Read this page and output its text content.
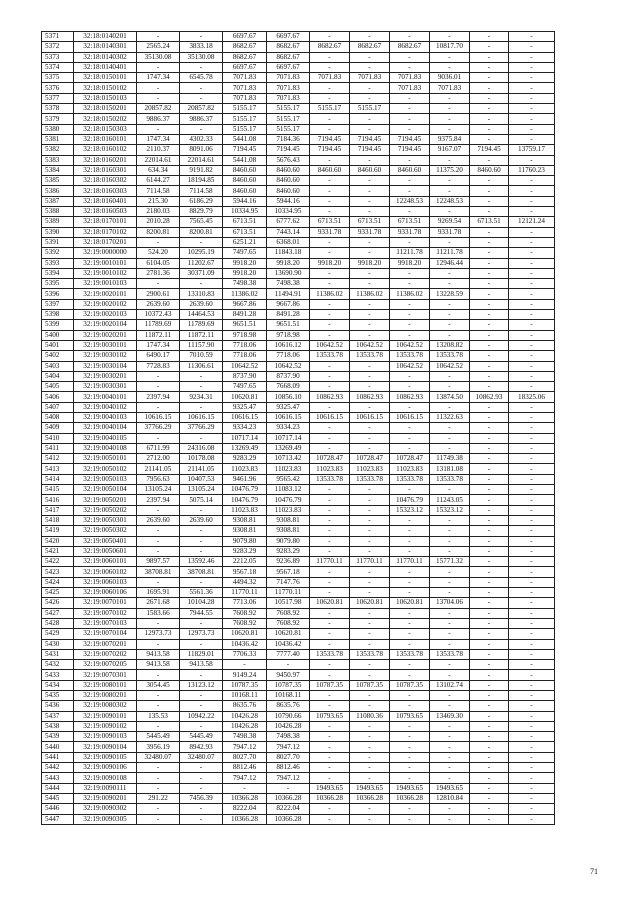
5371	32:18:0140201	-	-	6697.67	6697.67	-	-	-	-	-	-
5372	32:18:0140301	2565.24	3833.18	8682.67	8682.67	8682.67	8682.67	8682.67	10817.70	-	-
5373	32:18:0140302	35130.08	35130.08	8682.67	8682.67	-	-	-	-	-	-
5374	32:18:0140401	-	-	6697.67	6697.67	-	-	-	-	-	-
5375	32:18:0150101	1747.34	6545.78	7071.83	7071.83	7071.83	7071.83	7071.83	9036.01	-	-
5376	32:18:0150102	-	-	7071.83	7071.83	-	-	7071.83	7071.83	-	-
5377	32:18:0150103	-	-	7071.83	7071.83	-	-	-	-	-	-
5378	32:18:0150201	20857.82	20857.82	5155.17	5155.17	5155.17	5155.17	-	-	-	-
5379	32:18:0150202	9886.37	9886.37	5155.17	5155.17	-	-	-	-	-	-
5380	32:18:0150303	-	-	5155.17	5155.17	-	-	-	-	-	-
5381	32:18:0160101	1747.34	4302.33	5441.08	7184.36	7194.45	7194.45	7194.45	9375.84	-	-
5382	32:18:0160102	2110.37	8091.06	7194.45	7194.45	7194.45	7194.45	7194.45	9167.07	7194.45	13759.17
5383	32:18:0160201	22014.61	22014.61	5441.08	5676.43	-	-	-	-	-	-
5384	32:18:0160301	634.34	9191.82	8460.60	8460.60	8460.60	8460.60	8460.60	11375.20	8460.60	11760.23
5385	32:18:0160302	6144.27	18194.85	8460.60	8460.60	-	-	-	-	-	-
5386	32:18:0160303	7114.58	7114.58	8460.60	8460.60	-	-	-	-	-	-
5387	32:18:0160401	215.30	6186.29	5944.16	5944.16	-	-	12248.53	12248.53	-	-
5388	32:18:0160503	2180.03	8829.79	10334.95	10334.95	-	-	-	-	-	-
5389	32:18:0170101	2010.28	7565.45	6713.51	6777.62	6713.51	6713.51	6713.51	9269.54	6713.51	12121.24
5390	32:18:0170102	8200.81	8200.81	6713.51	7443.14	9331.78	9331.78	9331.78	9331.78	-	-
5391	32:18:0170201	-	-	6251.21	6368.01	-	-	-	-	-	-
5392	32:19:0000000	524.20	10295.19	7497.65	11843.18	-	-	11211.78	11211.78	-	-
5393	32:19:0010101	6104.05	11202.67	9918.20	9918.20	9918.20	9918.20	9918.20	12946.44	-	-
5394	32:19:0010102	2781.36	30371.09	9918.20	13690.90	-	-	-	-	-	-
5395	32:19:0010103	-	-	7498.38	7498.38	-	-	-	-	-	-
5396	32:19:0020101	2900.61	13310.83	11386.02	11494.91	11386.02	11386.02	11386.02	13228.59	-	-
5397	32:19:0020102	2639.60	2639.60	9667.86	9667.86	-	-	-	-	-	-
5398	32:19:0020103	10372.43	14464.53	8491.28	8491.28	-	-	-	-	-	-
5399	32:19:0020104	11789.69	11789.69	9651.51	9651.51	-	-	-	-	-	-
5400	32:19:0020201	11872.11	11872.11	9718.98	9718.98	-	-	-	-	-	-
5401	32:19:0030101	1747.34	11157.90	7718.06	10616.12	10642.52	10642.52	10642.52	13208.82	-	-
5402	32:19:0030102	6490.17	7010.59	7718.06	7718.06	13533.78	13533.78	13533.78	13533.78	-	-
5403	32:19:0030104	7728.83	11306.61	10642.52	10642.52	-	-	10642.52	10642.52	-	-
5404	32:19:0030201	-	-	8737.90	8737.90	-	-	-	-	-	-
5405	32:19:0030301	-	-	7497.65	7668.09	-	-	-	-	-	-
5406	32:19:0040101	2397.94	9234.31	10620.81	10856.10	10862.93	10862.93	10862.93	13874.50	10862.93	18325.06
5407	32:19:0040102	-	-	9325.47	9325.47	-	-	-	-	-	-
5408	32:19:0040103	10616.15	10616.15	10616.15	10616.15	10616.15	10616.15	10616.15	11322.63	-	-
5409	32:19:0040104	37766.29	37766.29	9334.23	9334.23	-	-	-	-	-	-
5410	32:19:0040105	-	-	10717.14	10717.14	-	-	-	-	-	-
5411	32:19:0040108	6711.99	24316.08	13269.49	13269.49	-	-	-	-	-	-
5412	32:19:0050101	2712.00	10178.08	9283.29	10713.42	10728.47	10728.47	10728.47	11749.38	-	-
5413	32:19:0050102	21141.05	21141.05	11023.83	11023.83	11023.83	11023.83	11023.83	13181.08	-	-
5414	32:19:0050103	7956.63	10407.53	9461.96	9565.42	13533.78	13533.78	13533.78	13533.78	-	-
5415	32:19:0050104	13105.24	13105.24	10476.79	11083.12	-	-	-	-	-	-
5416	32:19:0050201	2397.94	5075.14	10476.79	10476.79	-	-	10476.79	11243.05	-	-
5417	32:19:0050202	-	-	11023.83	11023.83	-	-	15323.12	15323.12	-	-
5418	32:19:0050301	2639.60	2639.60	9308.81	9308.81	-	-	-	-	-	-
5419	32:19:0050302	-	-	9308.81	9308.81	-	-	-	-	-	-
5420	32:19:0050401	-	-	9079.80	9079.80	-	-	-	-	-	-
5421	32:19:0050601	-	-	9283.29	9283.29	-	-	-	-	-	-
5422	32:19:0060101	9897.57	13592.46	2212.05	9236.89	11770.11	11770.11	11770.11	15771.32	-	-
5423	32:19:0060102	38708.81	38708.81	9567.18	9567.18	-	-	-	-	-	-
5424	32:19:0060103	-	-	4494.32	7147.76	-	-	-	-	-	-
5425	32:19:0060106	1695.91	5561.36	11770.11	11770.11	-	-	-	-	-	-
5426	32:19:0070101	2671.68	10104.28	7713.06	10517.98	10620.81	10620.81	10620.81	13704.06	-	-
5427	32:19:0070102	1583.66	7944.55	7608.92	7608.92	-	-	-	-	-	-
5428	32:19:0070103	-	-	7608.92	7608.92	-	-	-	-	-	-
5429	32:19:0070104	12973.73	12973.73	10620.81	10620.81	-	-	-	-	-	-
5430	32:19:0070201	-	-	10436.42	10436.42	-	-	-	-	-	-
5431	32:19:0070202	9413.58	11829.01	7706.33	7777.40	13533.78	13533.78	13533.78	13533.78	-	-
5432	32:19:0070205	9413.58	9413.58	-	-	-	-	-	-	-	-
5433	32:19:0070301	-	-	9149.24	9450.97	-	-	-	-	-	-
5434	32:19:0080101	3054.45	13123.12	10787.35	10787.35	10787.35	10787.35	10787.35	13102.74	-	-
5435	32:19:0080201	-	-	10168.11	10168.11	-	-	-	-	-	-
5436	32:19:0080302	-	-	8635.76	8635.76	-	-	-	-	-	-
5437	32:19:0090101	135.53	10942.22	10426.28	10790.66	10793.65	11080.36	10793.65	13469.30	-	-
5438	32:19:0090102	-	-	10426.28	10426.28	-	-	-	-	-	-
5439	32:19:0090103	5445.49	5445.49	7498.38	7498.38	-	-	-	-	-	-
5440	32:19:0090104	3956.19	8942.93	7947.12	7947.12	-	-	-	-	-	-
5441	32:19:0090105	32480.07	32480.07	8027.70	8027.70	-	-	-	-	-	-
5442	32:19:0090106	-	-	8812.46	8812.46	-	-	-	-	-	-
5443	32:19:0090108	-	-	7947.12	7947.12	-	-	-	-	-	-
5444	32:19:0090111	-	-	-	-	19493.65	19493.65	19493.65	19493.65	-	-
5445	32:19:0090201	291.22	7456.39	10366.28	10366.28	10366.28	10366.28	10366.28	12810.84	-	-
5446	32:19:0090302	-	-	8222.04	8222.04	-	-	-	-	-	-
5447	32:19:0090305	-	-	10366.28	10366.28	-	-	-	-	-	-
71
